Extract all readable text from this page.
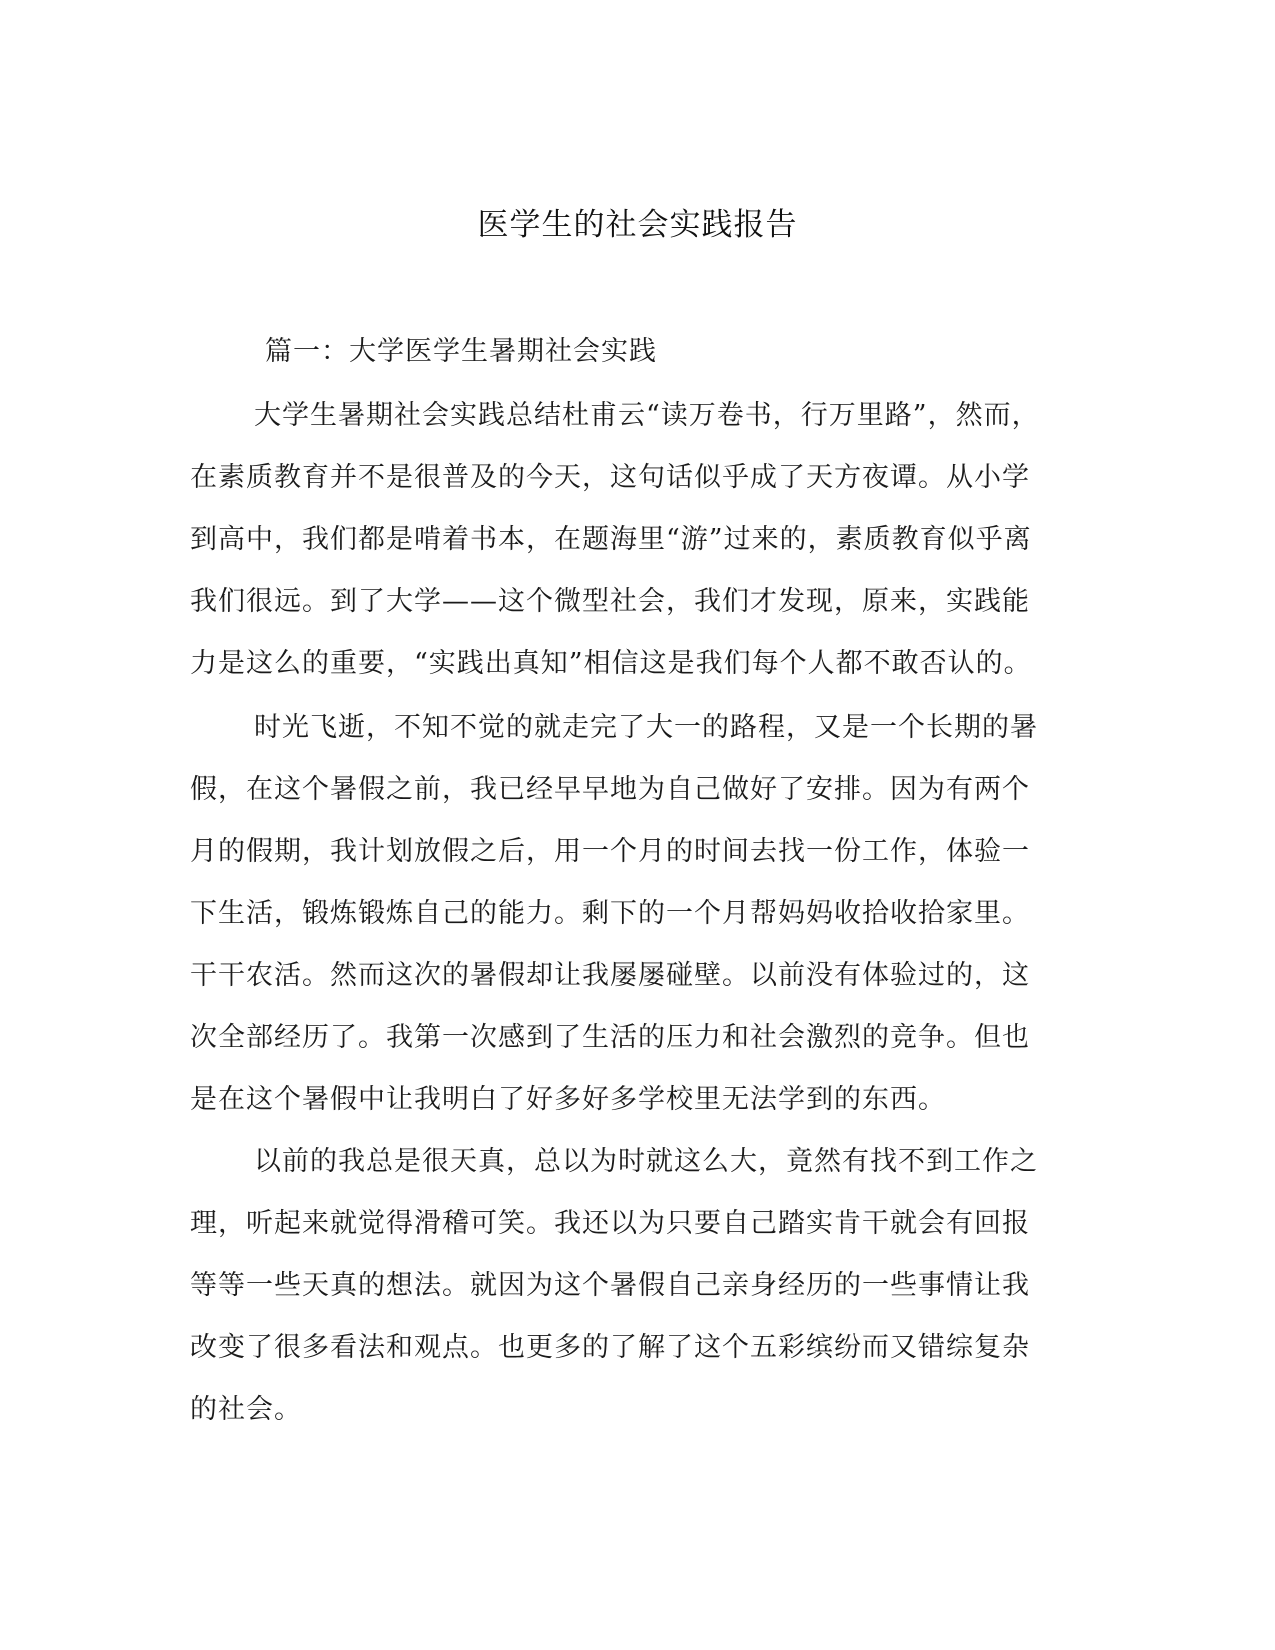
医学生的社会实践报告
篇一：大学医学生暑期社会实践

大学生暑期社会实践总结杜甫云“读万卷书，行万里路”，然而，
在素质教育并不是很普及的今天，这句话似乎成了天方夜谭。从小学
到高中，我们都是啃着书本，在题海里“游”过来的，素质教育似乎离
我们很远。到了大学——这个微型社会，我们才发现，原来，实践能
力是这么的重要，“实践出真知”相信这是我们每个人都不敢否认的。

时光飞逝，不知不觉的就走完了大一的路程，又是一个长期的暑
假，在这个暑假之前，我已经早早地为自己做好了安排。因为有两个
月的假期，我计划放假之后，用一个月的时间去找一份工作，体验一
下生活，锻炼锻炼自己的能力。剩下的一个月帮妈妈收拾收拾家里。
干干农活。然而这次的暑假却让我屡屡碰壁。以前没有体验过的，这
次全部经历了。我第一次感到了生活的压力和社会激烈的竞争。但也
是在这个暑假中让我明白了好多好多学校里无法学到的东西。

以前的我总是很天真，总以为时就这么大，竟然有找不到工作之
理，听起来就觉得滑稽可笑。我还以为只要自己踏实肯干就会有回报
等等一些天真的想法。就因为这个暑假自己亲身经历的一些事情让我
改变了很多看法和观点。也更多的了解了这个五彩缤纷而又错综复杂
的社会。
